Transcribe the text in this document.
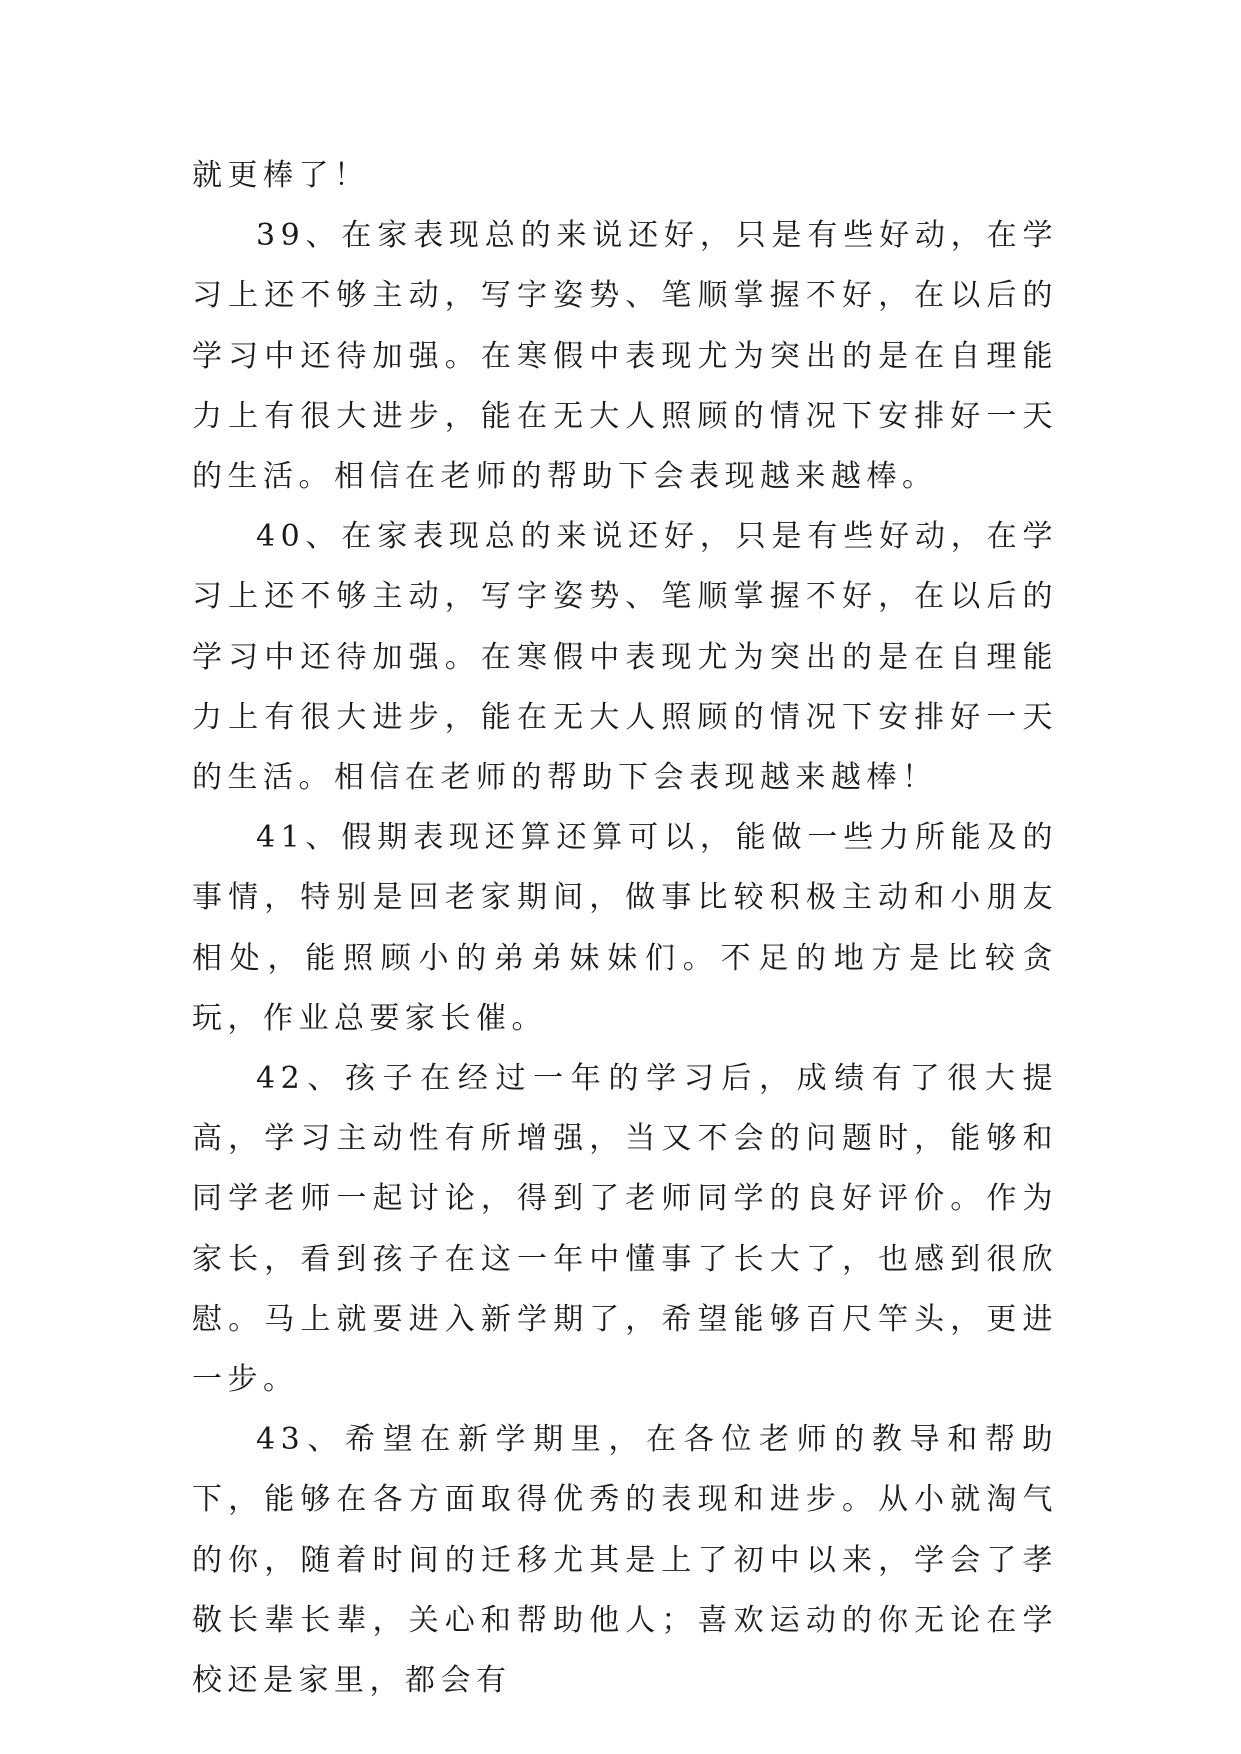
就更棒了！

39、在家表现总的来说还好，只是有些好动，在学习上还不够主动，写字姿势、笔顺掌握不好，在以后的学习中还待加强。在寒假中表现尤为突出的是在自理能力上有很大进步，能在无大人照顾的情况下安排好一天的生活。相信在老师的帮助下会表现越来越棒。

40、在家表现总的来说还好，只是有些好动，在学习上还不够主动，写字姿势、笔顺掌握不好，在以后的学习中还待加强。在寒假中表现尤为突出的是在自理能力上有很大进步，能在无大人照顾的情况下安排好一天的生活。相信在老师的帮助下会表现越来越棒！

41、假期表现还算还算可以，能做一些力所能及的事情，特别是回老家期间，做事比较积极主动和小朋友相处，能照顾小的弟弟妹妹们。不足的地方是比较贪玩，作业总要家长催。

42、孩子在经过一年的学习后，成绩有了很大提高，学习主动性有所增强，当又不会的问题时，能够和同学老师一起讨论，得到了老师同学的良好评价。作为家长，看到孩子在这一年中懂事了长大了，也感到很欣慰。马上就要进入新学期了，希望能够百尺竿头，更进一步。

43、希望在新学期里，在各位老师的教导和帮助下，能够在各方面取得优秀的表现和进步。从小就淘气的你，随着时间的迁移尤其是上了初中以来，学会了孝敬长辈长辈，关心和帮助他人；喜欢运动的你无论在学校还是家里，都会有
